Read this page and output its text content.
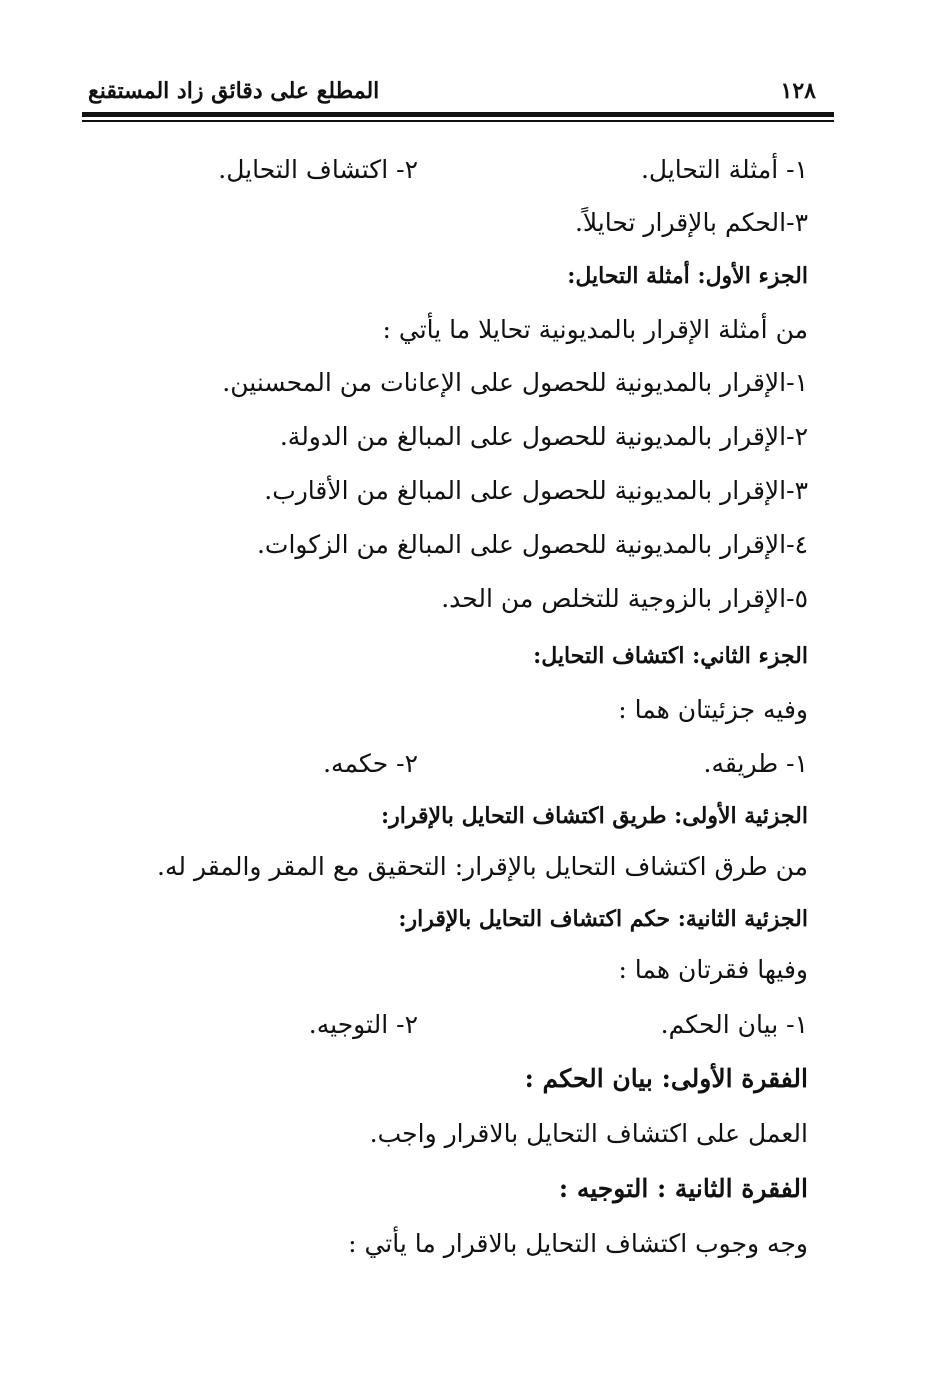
١٢٨
المطلع على دقائق زاد المستقنع
١- أمثلة التحايل.
٢- اكتشاف التحايل.
٣-الحكم بالإقرار تحايلاً.
الجزء الأول: أمثلة التحايل:
من أمثلة الإقرار بالمديونية تحايلا ما يأتي :
١-الإقرار بالمديونية للحصول على الإعانات من المحسنين.
٢-الإقرار بالمديونية للحصول على المبالغ من الدولة.
٣-الإقرار بالمديونية للحصول على المبالغ من الأقارب.
٤-الإقرار بالمديونية للحصول على المبالغ من الزكوات.
٥-الإقرار بالزوجية للتخلص من الحد.
الجزء الثاني: اكتشاف التحايل:
وفيه جزئيتان هما :
١- طريقه.
٢- حكمه.
الجزئية الأولى: طريق اكتشاف التحايل بالإقرار:
من طرق اكتشاف التحايل بالإقرار: التحقيق مع المقر والمقر له.
الجزئية الثانية: حكم اكتشاف التحايل بالإقرار:
وفيها فقرتان هما :
١- بيان الحكم.
٢- التوجيه.
الفقرة الأولى: بيان الحكم :
العمل على اكتشاف التحايل بالاقرار واجب.
الفقرة الثانية : التوجيه :
وجه وجوب اكتشاف التحايل بالاقرار ما يأتي :
